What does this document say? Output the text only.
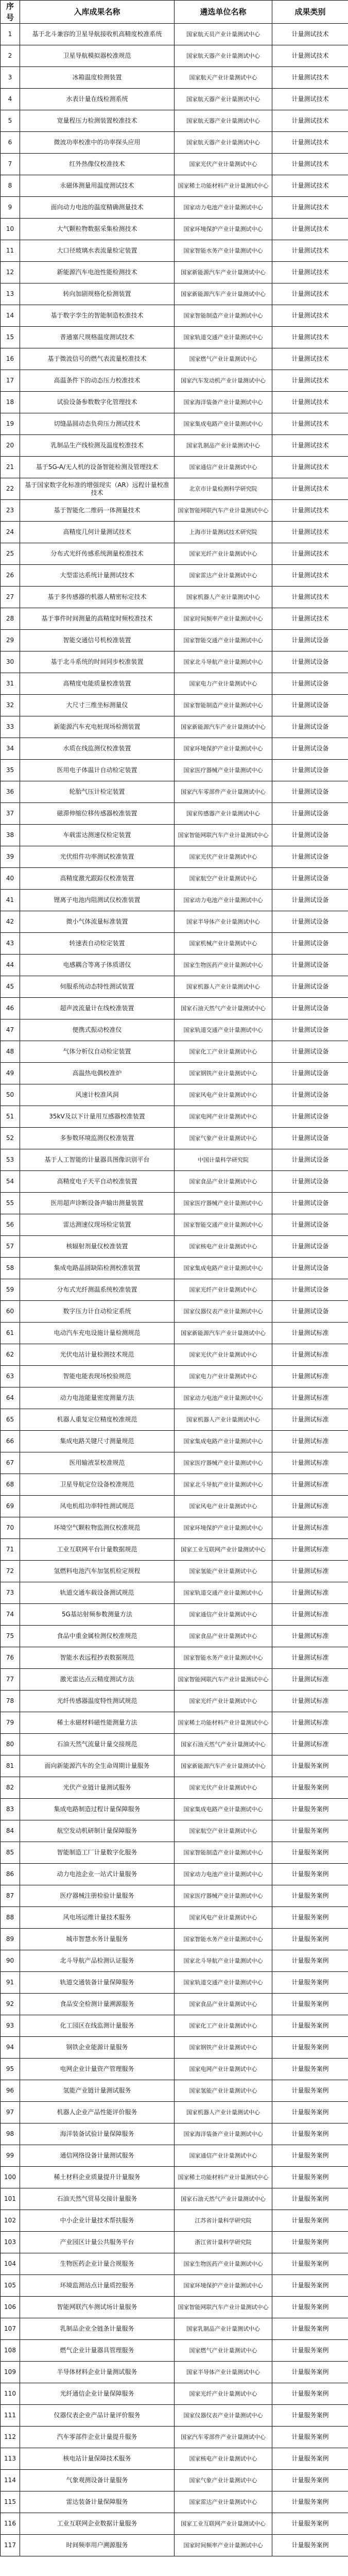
序号	入库成果名称	遴选单位名称	成果类别
1	基于北斗兼容的卫星导航接收机高精度校准系统	国家航天员产业计量测试中心	计量测试技术
2	卫星导航模拟器校准规范	国家航天器产业计量测试中心	计量测试技术
3	冰箱温度检测装置	国家航天产业计量测试中心	计量测试技术
4	水表计量在线检测系统	国家航天器产业计量测试中心	计量测试技术
5	宽量程压力检测装置校准技术	国家航天器产业计量测试中心	计量测试技术
6	微波功率校准中的功率探头应用	国家航天器产业计量测试中心	计量测试技术
7	红外热像仪校准技术	国家光伏产业计量测试中心	计量测试技术
8	永磁体测量用温度测试技术	国家稀土功能材料产业计量测试中心	计量测试技术
9	面向动力电池的温度精确测量技术	国家动力电池产业计量测试中心	计量测试技术
10	大气颗粒物数据采集检测技术	国家环境保护产业计量测试中心	计量测试技术
11	大口径玻璃水表流量检定装置	国家智能水务产业计量测试中心	计量测试技术
12	新能源汽车电池性能检测技术	国家新能源汽车产业计量测试中心	计量测试技术
13	转向加剧规格化检测装置	国家新能源汽车产业计量测试中心	计量测试技术
14	基于数字孪生的智能制造校准技术	国家智能制造产业计量测试中心	计量测试技术
15	普通塞尺规格温度测试技术	国家轨道交通产业计量测试中心	计量测试技术
16	基于微波信号的燃气表流量校准技术	国家燃气产业计量测试中心	计量测试技术
17	高温条件下的动态压力校准技术	国家汽车发动机产业计量测试中心	计量测试技术
18	试验设备参数数字化管理技术	国家海洋装备产业计量测试中心	计量测试技术
19	切缝晶圆动态负荷压力测试技术	国家集成电路产业计量测试中心	计量测试技术
20	乳制品生产线检测及温度校准技术	国家乳制品产业计量测试中心	计量测试技术
21	基于5G-A/无人机的设备智能检测及管理技术	国家通信产业计量测试中心	计量测试技术
22	基于国家数字化标准的增强现实（AR）远程计量校准技术	北京市计量检测科学研究院	计量测试技术
23	基于智能化二维码一体测量技术	国家智能网联汽车产业计量测试中心	计量测试技术
24	高精度几何计量测试技术	上海市计量测试技术研究院	计量测试技术
25	分布式光纤传感系统测量校准技术	国家光纤产业计量测试中心	计量测试技术
26	大型雷达系统计量测试技术	国家雷达产业计量测试中心	计量测试技术
27	基于多传感器的机器人精密标定技术	国家机器人产业计量测试中心	计量测试技术
28	基于事件时间测量的高精度时频校准技术	国家时间频率产业计量测试中心	计量测试技术
29	智能交通信号机校准装置	国家智能交通产业计量测试中心	计量测试设备
30	基于北斗系统的时间同步校准装置	国家北斗导航产业计量测试中心	计量测试设备
31	高精度电能质量校准装置	国家电力产业计量测试中心	计量测试设备
32	大尺寸三维坐标测量仪	国家智能制造产业计量测试中心	计量测试设备
33	新能源汽车充电桩现场检测装置	国家新能源汽车产业计量测试中心	计量测试设备
34	水质在线监测仪校准装置	国家环境保护产业计量测试中心	计量测试设备
35	医用电子体温计自动检定装置	国家医疗器械产业计量测试中心	计量测试设备
36	轮胎气压计检定装置	国家汽车零部件产业计量测试中心	计量测试设备
37	磁滞伸缩位移传感器校准装置	国家传感器产业计量测试中心	计量测试设备
38	车载雷达测速仪检定装置	国家智能网联汽车产业计量测试中心	计量测试设备
39	光伏组件功率测试校准装置	国家光伏产业计量测试中心	计量测试设备
40	高精度激光跟踪仪校准装置	国家航空产业计量测试中心	计量测试设备
41	锂离子电池内阻测试仪校准装置	国家动力电池产业计量测试中心	计量测试设备
42	微小气体流量标准装置	国家半导体产业计量测试中心	计量测试设备
43	转速表自动检定装置	国家机械产业计量测试中心	计量测试设备
44	电感耦合等离子体质谱仪	国家生物医药产业计量测试中心	计量测试设备
45	伺服系统动态特性测试装置	国家机器人产业计量测试中心	计量测试设备
46	超声波流量计在线校准装置	国家石油天然气产业计量测试中心	计量测试设备
47	便携式振动校准仪	国家轨道交通产业计量测试中心	计量测试设备
48	气体分析仪自动检定装置	国家化工产业计量测试中心	计量测试设备
49	高温热电偶校准炉	国家钢铁产业计量测试中心	计量测试设备
50	风速计校准风洞	国家风电产业计量测试中心	计量测试设备
51	35kV及以下计量用互感器校准装置	国家电网产业计量测试中心	计量测试设备
52	多参数环境监测仪校准装置	国家气象产业计量测试中心	计量测试设备
53	基于人工智能的计量器具图像识别平台	中国计量科学研究院	计量测试设备
54	高精度电子天平自动校准装置	国家食品产业计量测试中心	计量测试设备
55	医用超声诊断设备声输出测量装置	国家医疗器械产业计量测试中心	计量测试设备
56	雷达测速仪现场检定装置	国家智能交通产业计量测试中心	计量测试设备
57	核辐射剂量仪校准装置	国家核电产业计量测试中心	计量测试设备
58	集成电路晶圆缺陷检测校准装置	国家集成电路产业计量测试中心	计量测试设备
59	分布式光纤测温系统校准装置	国家光纤产业计量测试中心	计量测试设备
60	数字压力计自动检定系统	国家仪器仪表产业计量测试中心	计量测试设备
61	电动汽车充电设施计量检测规范	国家新能源汽车产业计量测试中心	计量测试标准
62	光伏电站计量检测技术规范	国家光伏产业计量测试中心	计量测试标准
63	智能电能表现场校验规范	国家电力产业计量测试中心	计量测试标准
64	动力电池能量密度测量方法	国家动力电池产业计量测试中心	计量测试标准
65	机器人重复定位精度校准规范	国家机器人产业计量测试中心	计量测试标准
66	集成电路关键尺寸测量规范	国家集成电路产业计量测试中心	计量测试标准
67	医用输液泵校准规范	国家医疗器械产业计量测试中心	计量测试标准
68	卫星导航定位设备校准规范	国家北斗导航产业计量测试中心	计量测试标准
69	风电机组功率特性测试规范	国家风电产业计量测试中心	计量测试标准
70	环境空气颗粒物监测仪校准规范	国家环境保护产业计量测试中心	计量测试标准
71	工业互联网平台计量数据规范	国家工业互联网产业计量测试中心	计量测试标准
72	氢燃料电池汽车加氢机检定规程	国家氢能产业计量测试中心	计量测试标准
73	轨道交通车载设备测试规范	国家轨道交通产业计量测试中心	计量测试标准
74	5G基站射频参数测量方法	国家通信产业计量测试中心	计量测试标准
75	食品中重金属检测仪校准规范	国家食品产业计量测试中心	计量测试标准
76	智能水表远程抄表数据规范	国家智能水务产业计量测试中心	计量测试标准
77	激光雷达点云精度测试方法	国家智能网联汽车产业计量测试中心	计量测试标准
78	光纤传感器温度特性测试规范	国家光纤产业计量测试中心	计量测试标准
79	稀土永磁材料磁性能测量方法	国家稀土功能材料产业计量测试中心	计量测试标准
80	石油天然气流量计量交接规范	国家石油天然气产业计量测试中心	计量测试标准
81	面向新能源汽车的全生命周期计量服务	国家新能源汽车产业计量测试中心	计量服务案例
82	光伏产业链计量测试服务	国家光伏产业计量测试中心	计量服务案例
83	集成电路制造过程计量保障服务	国家集成电路产业计量测试中心	计量服务案例
84	航空发动机研制计量保障服务	国家航空产业计量测试中心	计量服务案例
85	智能制造工厂计量数字化服务	国家智能制造产业计量测试中心	计量服务案例
86	动力电池企业一站式计量服务	国家动力电池产业计量测试中心	计量服务案例
87	医疗器械注册检验计量服务	国家医疗器械产业计量测试中心	计量服务案例
88	风电场运维计量技术服务	国家风电产业计量测试中心	计量服务案例
89	城市智慧水务计量服务	国家智能水务产业计量测试中心	计量服务案例
90	北斗导航产品检测认证服务	国家北斗导航产业计量测试中心	计量服务案例
91	轨道交通装备计量保障服务	国家轨道交通产业计量测试中心	计量服务案例
92	食品安全检测计量溯源服务	国家食品产业计量测试中心	计量服务案例
93	化工园区在线监测计量服务	国家化工产业计量测试中心	计量服务案例
94	钢铁企业能源计量服务	国家钢铁产业计量测试中心	计量服务案例
95	电网企业计量资产管理服务	国家电网产业计量测试中心	计量服务案例
96	氢能产业链计量测试服务	国家氢能产业计量测试中心	计量服务案例
97	机器人企业产品性能评价服务	国家机器人产业计量测试中心	计量服务案例
98	海洋装备试验计量保障服务	国家海洋装备产业计量测试中心	计量服务案例
99	通信网络设备计量测试服务	国家通信产业计量测试中心	计量服务案例
100	稀土材料企业质量提升计量服务	国家稀土功能材料产业计量测试中心	计量服务案例
101	石油天然气贸易交接计量服务	国家石油天然气产业计量测试中心	计量服务案例
102	中小企业计量技术帮扶服务	江苏省计量科学研究院	计量服务案例
103	产业园区计量公共服务平台	浙江省计量科学研究院	计量服务案例
104	生物医药企业计量合规服务	国家生物医药产业计量测试中心	计量服务案例
105	环境监测站点计量质控服务	国家环境保护产业计量测试中心	计量服务案例
106	智能网联汽车测试场计量服务	国家智能网联汽车产业计量测试中心	计量服务案例
107	乳制品企业全链条计量服务	国家乳制品产业计量测试中心	计量服务案例
108	燃气企业计量器具管理服务	国家燃气产业计量测试中心	计量服务案例
109	半导体材料企业计量测试服务	国家半导体产业计量测试中心	计量服务案例
110	光纤通信企业计量保障服务	国家光纤产业计量测试中心	计量服务案例
111	仪器仪表企业产品计量评价服务	国家仪器仪表产业计量测试中心	计量服务案例
112	汽车零部件企业计量提升服务	国家汽车零部件产业计量测试中心	计量服务案例
113	核电站计量保障技术服务	国家核电产业计量测试中心	计量服务案例
114	气象观测设备计量服务	国家气象产业计量测试中心	计量服务案例
115	雷达装备计量保障服务	国家雷达产业计量测试中心	计量服务案例
116	工业互联网企业数据计量服务	国家工业互联网产业计量测试中心	计量服务案例
117	时间频率用户溯源服务	国家时间频率产业计量测试中心	计量服务案例
